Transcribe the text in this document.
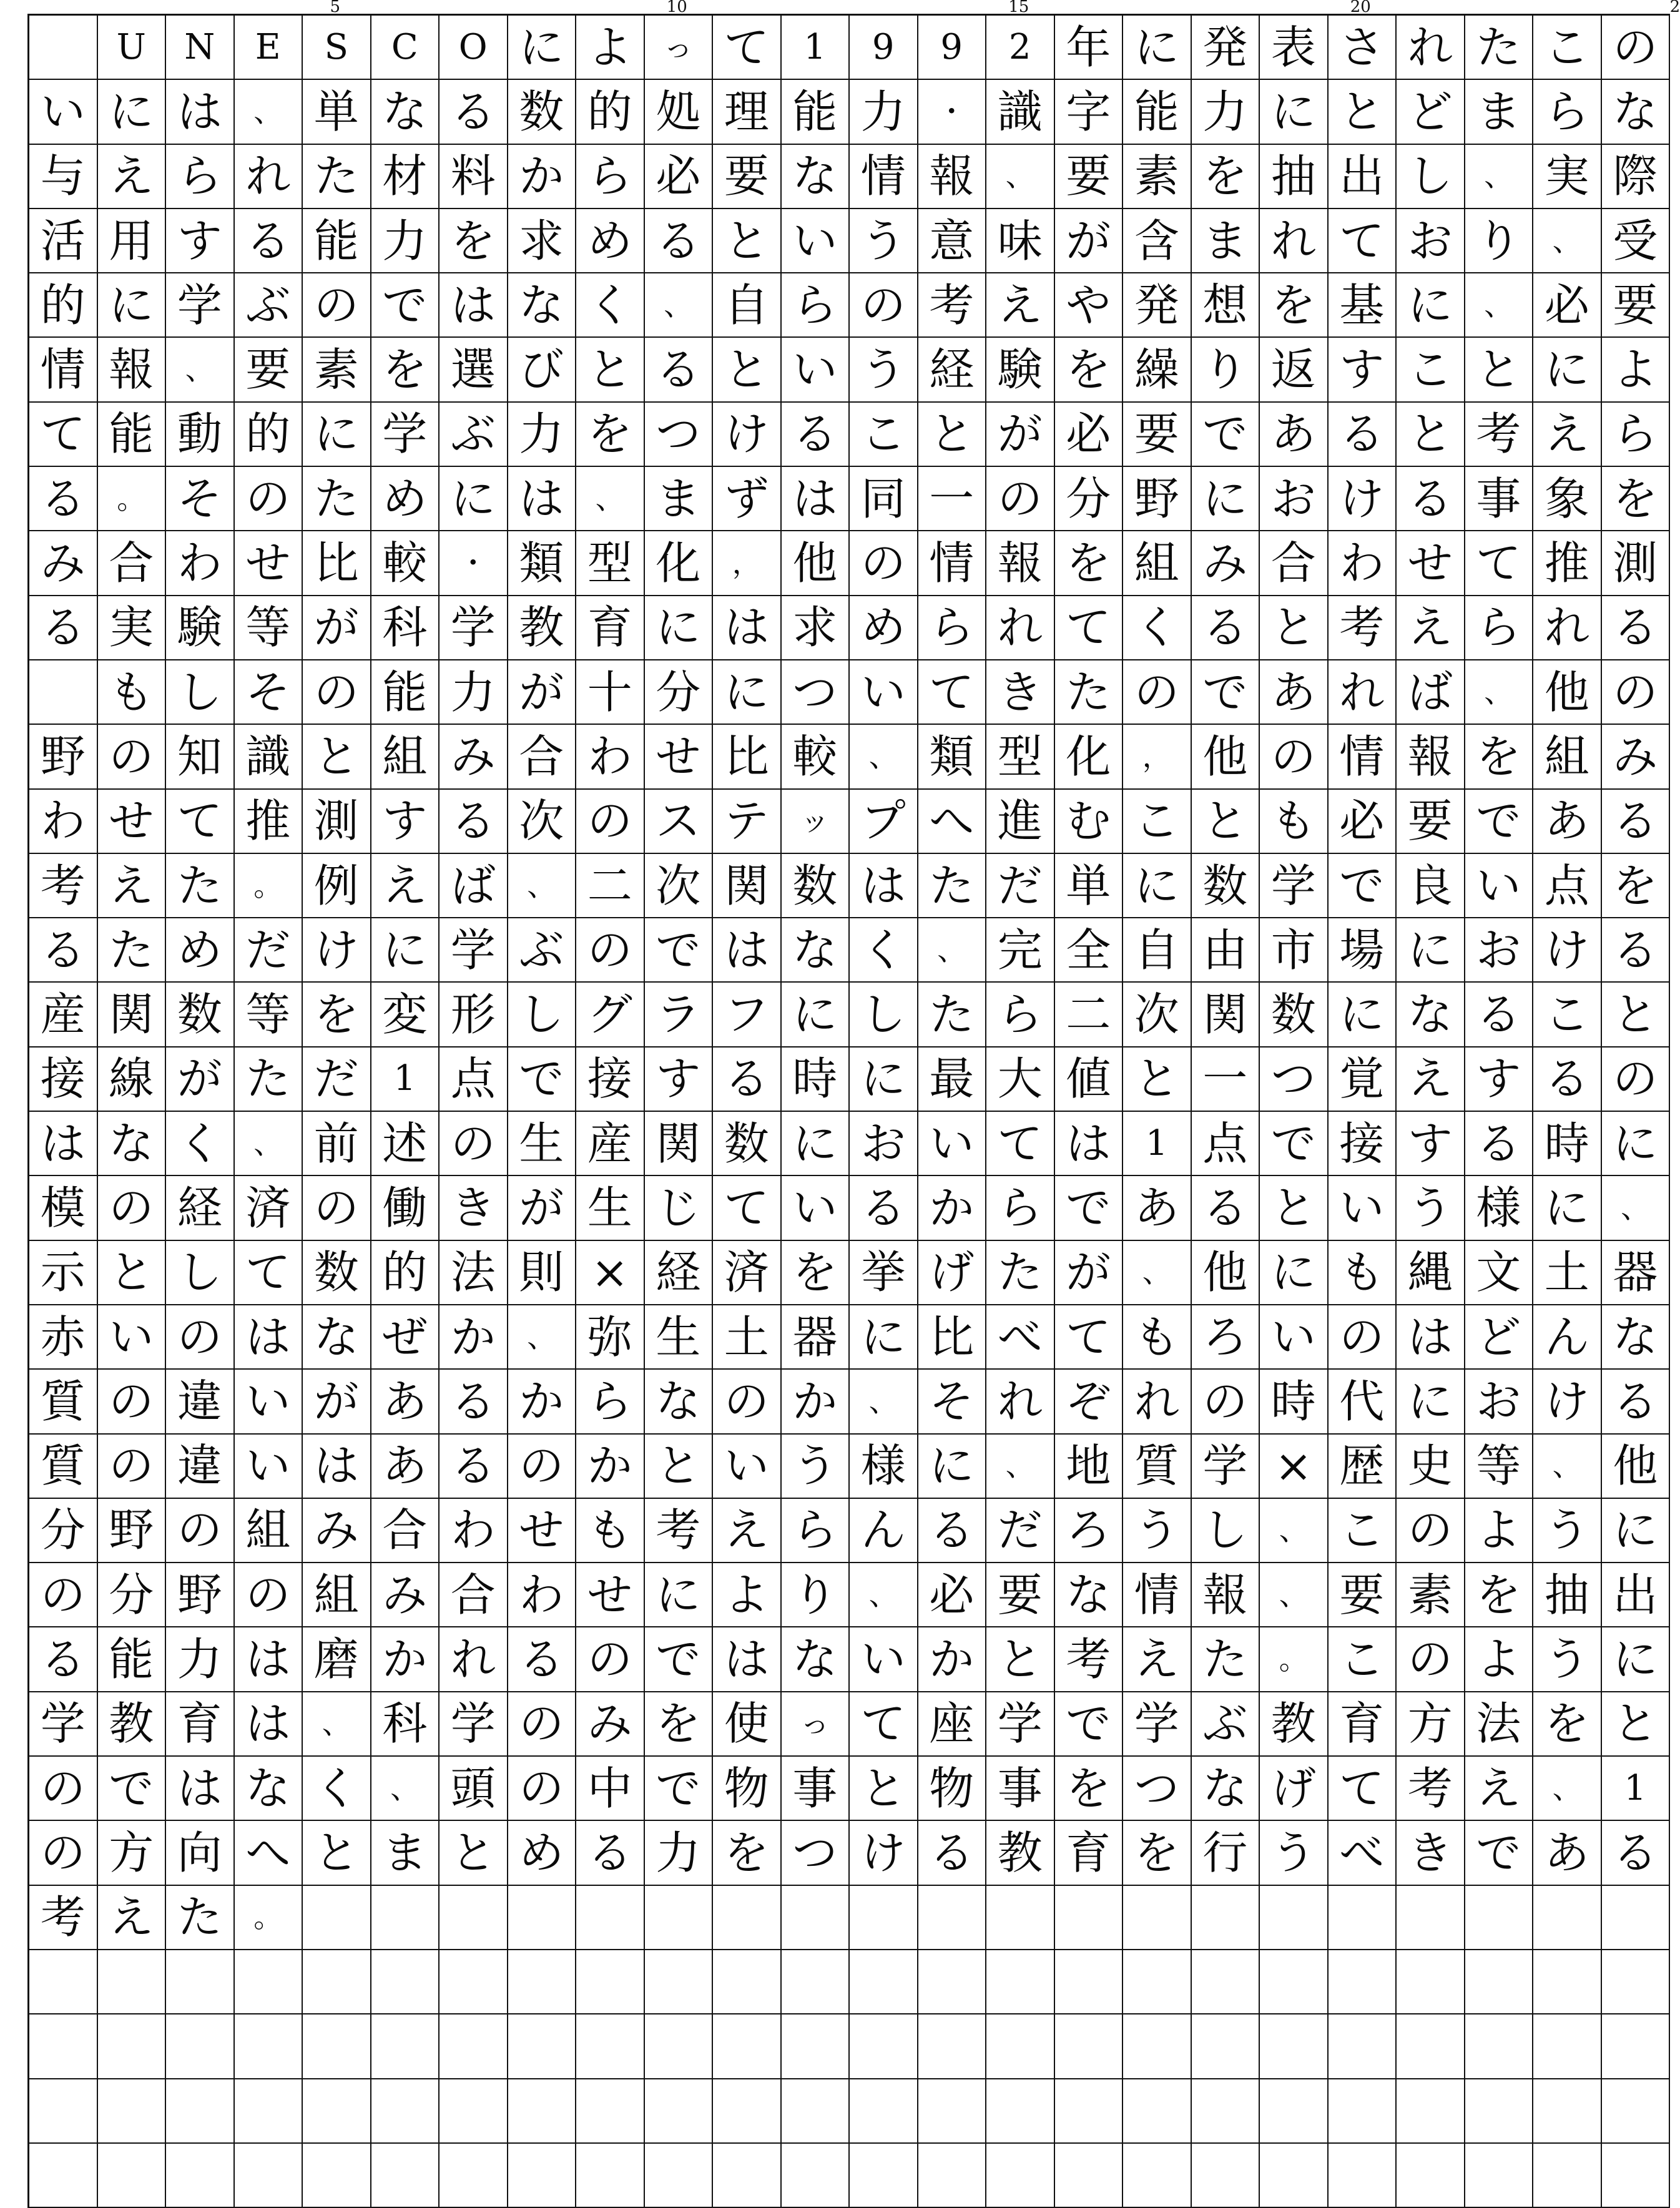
5	10	15	20	2
U	N	E	S	C	O に よ	っ て 1	9	9	2 年 に 発 表 さ れ た こ の
い に は	、 単 な る 数 的 処 理 能 力	・ 識 字 能 力 に と ど ま ら な
与 え ら れ た 材 料 か ら 必 要 な 情 報	、 要 素 を 抽 出 し	、 実 際
活 用 す る 能 力 を 求 め る と い う 意 味 が 含 ま れ て お り	、 受
的 に 学 ぶ の で は な く	、 自 ら の 考 え や 発 想 を 基 に	、 必 要
情 報	、 要 素 を 選 び と る と い う 経 験 を 繰 り 返 す こ と に よ
て 能 動 的 に 学 ぶ 力 を つ け る こ と が 必 要 で あ る と 考 え ら
る	。 そ の た め に は	、 ま ず は 同 一 の 分 野 に お け る 事 象 を
み 合 わ せ 比 較	・ 類 型 化	， 他 の 情 報 を 組 み 合 わ せ て 推 測
る 実 験 等 が 科 学 教 育 に は 求 め ら れ て く る と 考 え ら れ る
も し そ の 能 力 が 十 分 に つ い て き た の で あ れ ば	、 他 の
野 の 知 識 と 組 み 合 わ せ 比 較	、 類 型 化	， 他 の 情 報 を 組 み
わ せ て 推 測 す る 次 の ス テ	ッ プ へ 進 む こ と も 必 要 で あ る
考 え た	。 例 え ば	、 二 次 関 数 は た だ 単 に 数 学 で 良 い 点 を
る た め だ け に 学 ぶ の で は な く	、 完 全 自 由 市 場 に お け る
産 関 数 等 を 変 形 し グ ラ フ に し た ら 二 次 関 数 に な る こ と
接 線 が た だ 1 点 で 接 す る 時 に 最 大 値 と 一 つ 覚 え す る の
は な く	、 前 述 の 生 産 関 数 に お い て は 1 点 で 接 す る 時 に
模 の 経 済 の 働 き が 生 じ て い る か ら で あ る と い う 様 に	、
示 と し て 数 的 法 則 × 経 済 を 挙 げ た が	、 他 に も 縄 文 土 器
赤 い の は な ぜ か	、 弥 生 土 器 に 比 べ て も ろ い の は ど ん な
質 の 違 い が あ る か ら な の か	、 そ れ ぞ れ の 時 代 に お け る
質 の 違 い は あ る の か と い う 様 に	、 地 質 学 × 歴 史 等	、 他
分 野 の 組 み 合 わ せ も 考 え ら ん る だ ろ う し	、 こ の よ う に
の 分 野 の 組 み 合 わ せ に よ り	、 必 要 な 情 報	、 要 素 を 抽 出
る 能 力 は 磨 か れ る の で は な い か と 考 え た	。 こ の よ う に
学 教 育 は	、 科 学 の み を 使	っ て 座 学 で 学 ぶ 教 育 方 法 を と
の で は な く	、 頭 の 中 で 物 事 と 物 事 を つ な げ て 考 え	、	1
の 方 向 へ と ま と め る 力 を つ け る 教 育 を 行 う べ き で あ る
考 え た	。
